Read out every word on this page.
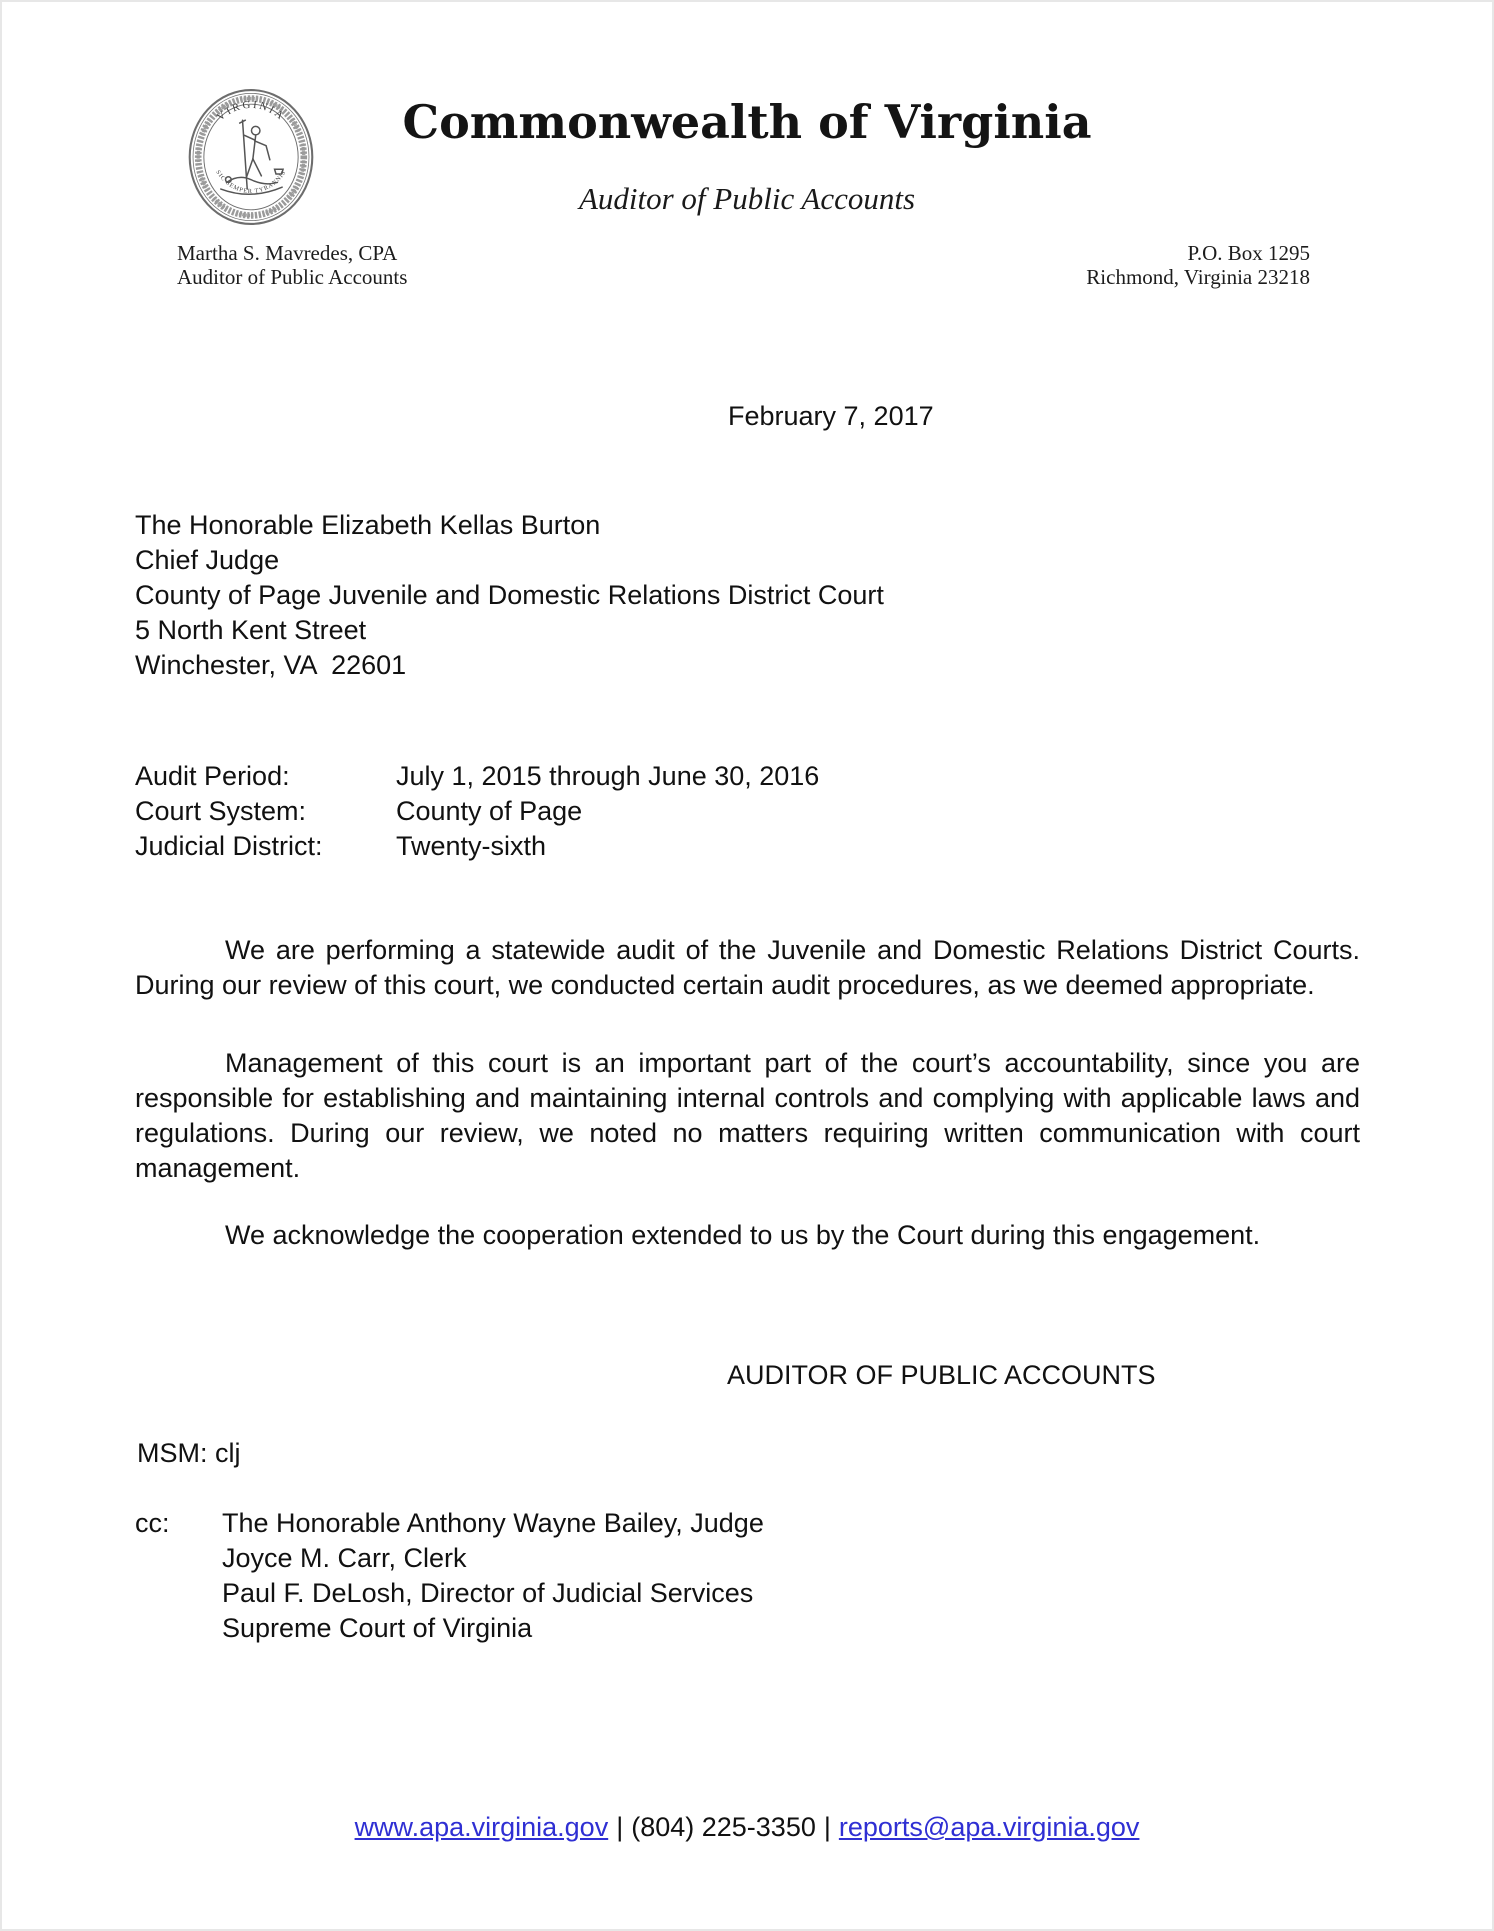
VIRGINIA
SIC SEMPER TYRANNIS
Commonwealth of Virginia
Auditor of Public Accounts
Martha S. Mavredes, CPA
Auditor of Public Accounts
P.O. Box 1295
Richmond, Virginia 23218
February 7, 2017
The Honorable Elizabeth Kellas Burton
Chief Judge
County of Page Juvenile and Domestic Relations District Court
5 North Kent Street
Winchester, VA  22601
Audit Period:	July 1, 2015 through June 30, 2016
Court System:	County of Page
Judicial District:	Twenty-sixth
We are performing a statewide audit of the Juvenile and Domestic Relations District Courts. During our review of this court, we conducted certain audit procedures, as we deemed appropriate.
Management of this court is an important part of the court’s accountability, since you are responsible for establishing and maintaining internal controls and complying with applicable laws and regulations. During our review, we noted no matters requiring written communication with court management.
We acknowledge the cooperation extended to us by the Court during this engagement.
AUDITOR OF PUBLIC ACCOUNTS
MSM: clj
cc:	The Honorable Anthony Wayne Bailey, Judge
Joyce M. Carr, Clerk
Paul F. DeLosh, Director of Judicial Services
Supreme Court of Virginia
www.apa.virginia.gov | (804) 225-3350 | reports@apa.virginia.gov
